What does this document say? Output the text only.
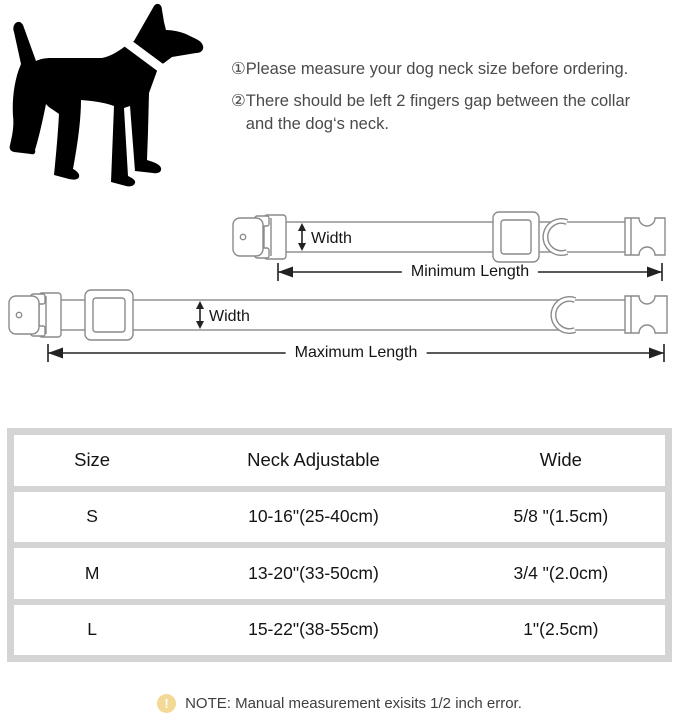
① Please measure your dog neck size before ordering.
② There should be left 2 fingers gap between the collar and the dog‘s neck.
Width
Minimum Length
Width
Maximum Length
Size	Neck Adjustable	Wide
S	10-16"(25-40cm)	5/8 "(1.5cm)
M	13-20"(33-50cm)	3/4 "(2.0cm)
L	15-22"(38-55cm)	1"(2.5cm)
!	NOTE: Manual measurement exisits 1/2 inch error.
